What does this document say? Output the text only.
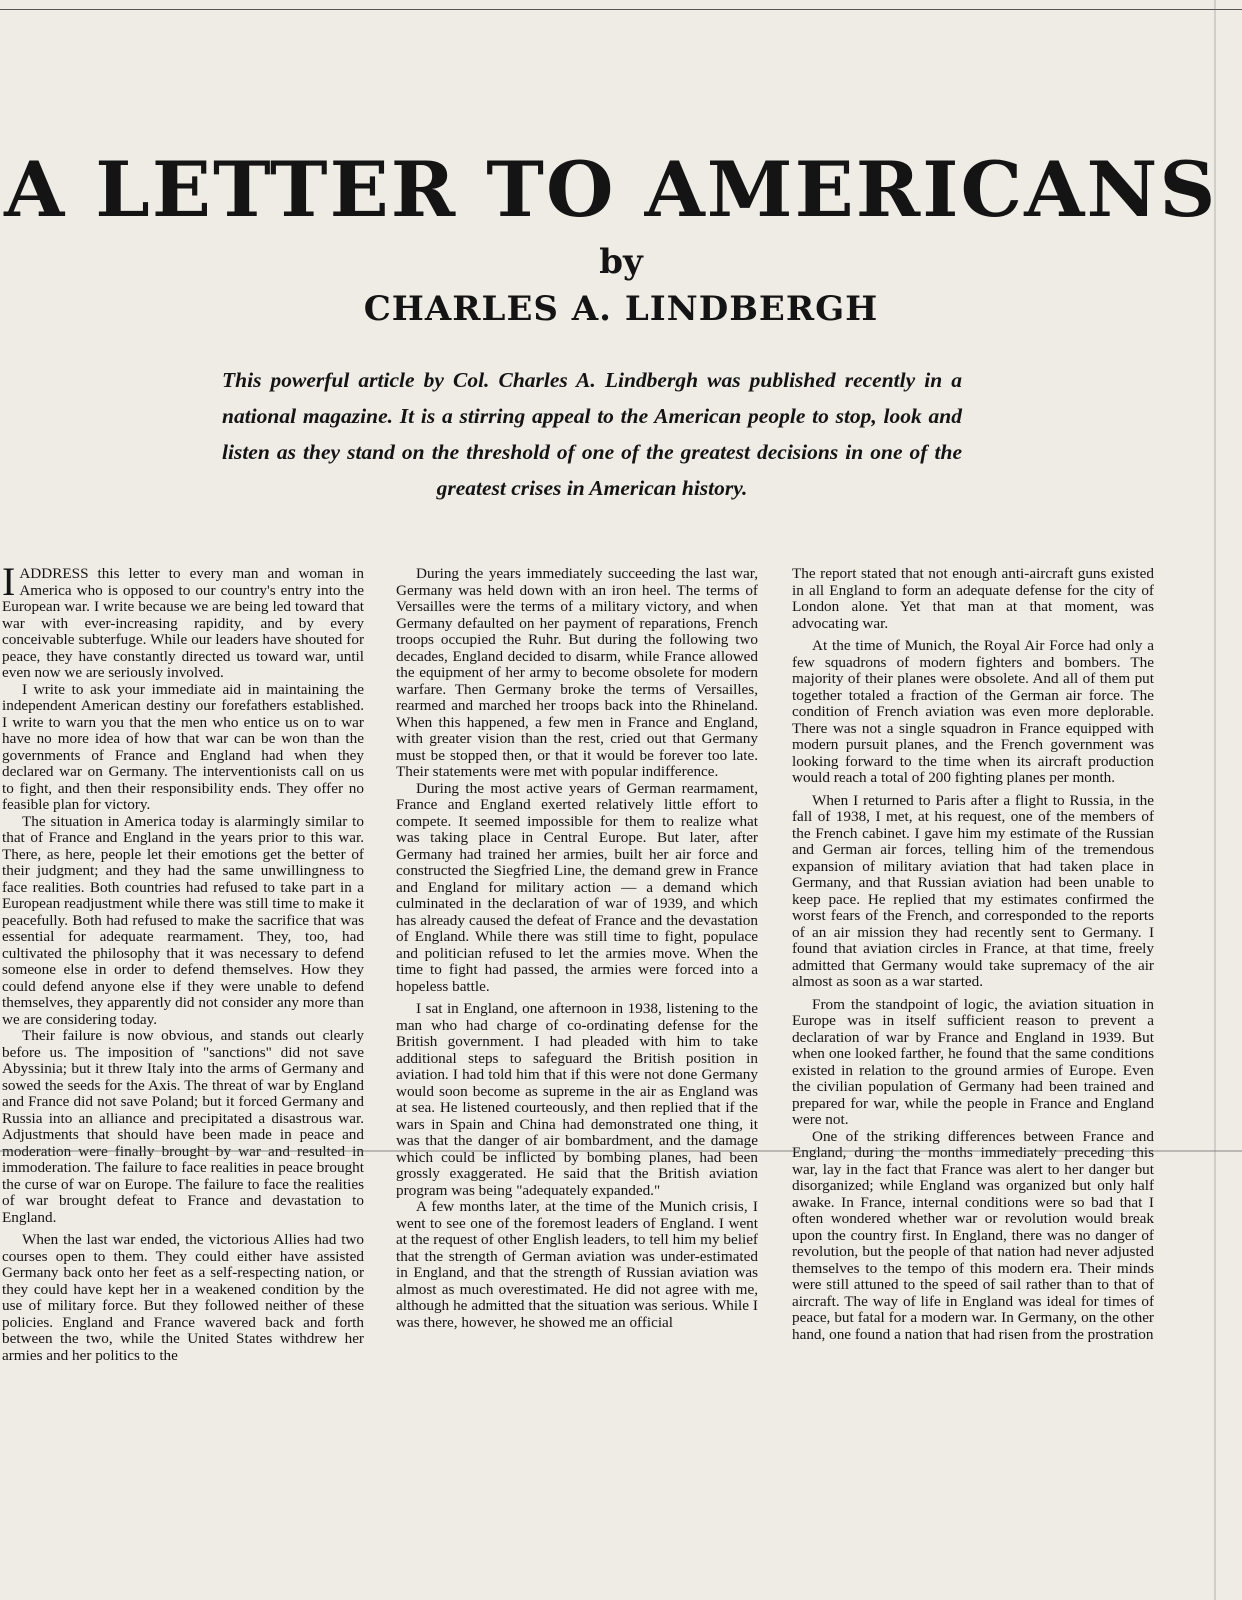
A LETTER TO AMERICANS
by
CHARLES A. LINDBERGH
This powerful article by Col. Charles A. Lindbergh was published recently in a national magazine. It is a stirring appeal to the American people to stop, look and listen as they stand on the threshold of one of the greatest decisions in one of the greatest crises in American history.

IADDRESS this letter to every man and woman in America who is opposed to our country's entry into the European war. I write because we are being led toward that war with ever-increasing rapidity, and by every conceivable subterfuge. While our leaders have shouted for peace, they have constantly directed us toward war, until even now we are seriously involved.

I write to ask your immediate aid in maintaining the independent American destiny our forefathers established. I write to warn you that the men who entice us on to war have no more idea of how that war can be won than the governments of France and England had when they declared war on Germany. The interventionists call on us to fight, and then their responsibility ends. They offer no feasible plan for victory.

The situation in America today is alarmingly similar to that of France and England in the years prior to this war. There, as here, people let their emotions get the better of their judgment; and they had the same unwillingness to face realities. Both countries had refused to take part in a European readjustment while there was still time to make it peacefully. Both had refused to make the sacrifice that was essential for adequate rearmament. They, too, had cultivated the philosophy that it was necessary to defend someone else in order to defend themselves. How they could defend anyone else if they were unable to defend themselves, they apparently did not consider any more than we are considering today.

Their failure is now obvious, and stands out clearly before us. The imposition of "sanctions" did not save Abyssinia; but it threw Italy into the arms of Germany and sowed the seeds for the Axis. The threat of war by England and France did not save Poland; but it forced Germany and Russia into an alliance and precipitated a disastrous war. Adjustments that should have been made in peace and moderation were finally brought by war and resulted in immoderation. The failure to face realities in peace brought the curse of war on Europe. The failure to face the realities of war brought defeat to France and devastation to England.

When the last war ended, the victorious Allies had two courses open to them. They could either have assisted Germany back onto her feet as a self-respecting nation, or they could have kept her in a weakened condition by the use of military force. But they followed neither of these policies. England and France wavered back and forth between the two, while the United States withdrew her armies and her politics to the

During the years immediately succeeding the last war, Germany was held down with an iron heel. The terms of Versailles were the terms of a military victory, and when Germany defaulted on her payment of reparations, French troops occupied the Ruhr. But during the following two decades, England decided to disarm, while France allowed the equipment of her army to become obsolete for modern warfare. Then Germany broke the terms of Versailles, rearmed and marched her troops back into the Rhineland. When this happened, a few men in France and England, with greater vision than the rest, cried out that Germany must be stopped then, or that it would be forever too late. Their statements were met with popular indifference.

During the most active years of German rearmament, France and England exerted relatively little effort to compete. It seemed impossible for them to realize what was taking place in Central Europe. But later, after Germany had trained her armies, built her air force and constructed the Siegfried Line, the demand grew in France and England for military action — a demand which culminated in the declaration of war of 1939, and which has already caused the defeat of France and the devastation of England. While there was still time to fight, populace and politician refused to let the armies move. When the time to fight had passed, the armies were forced into a hopeless battle.

I sat in England, one afternoon in 1938, listening to the man who had charge of co-ordinating defense for the British government. I had pleaded with him to take additional steps to safeguard the British position in aviation. I had told him that if this were not done Germany would soon become as supreme in the air as England was at sea. He listened courteously, and then replied that if the wars in Spain and China had demonstrated one thing, it was that the danger of air bombardment, and the damage which could be inflicted by bombing planes, had been grossly exaggerated. He said that the British aviation program was being "adequately expanded."

A few months later, at the time of the Munich crisis, I went to see one of the foremost leaders of England. I went at the request of other English leaders, to tell him my belief that the strength of German aviation was under-estimated in England, and that the strength of Russian aviation was almost as much overestimated. He did not agree with me, although he admitted that the situation was serious. While I was there, however, he showed me an official

The report stated that not enough anti-aircraft guns existed in all England to form an adequate defense for the city of London alone. Yet that man at that moment, was advocating war.

At the time of Munich, the Royal Air Force had only a few squadrons of modern fighters and bombers. The majority of their planes were obsolete. And all of them put together totaled a fraction of the German air force. The condition of French aviation was even more deplorable. There was not a single squadron in France equipped with modern pursuit planes, and the French government was looking forward to the time when its aircraft production would reach a total of 200 fighting planes per month.

When I returned to Paris after a flight to Russia, in the fall of 1938, I met, at his request, one of the members of the French cabinet. I gave him my estimate of the Russian and German air forces, telling him of the tremendous expansion of military aviation that had taken place in Germany, and that Russian aviation had been unable to keep pace. He replied that my estimates confirmed the worst fears of the French, and corresponded to the reports of an air mission they had recently sent to Germany. I found that aviation circles in France, at that time, freely admitted that Germany would take supremacy of the air almost as soon as a war started.

From the standpoint of logic, the aviation situation in Europe was in itself sufficient reason to prevent a declaration of war by France and England in 1939. But when one looked farther, he found that the same conditions existed in relation to the ground armies of Europe. Even the civilian population of Germany had been trained and prepared for war, while the people in France and England were not.

One of the striking differences between France and England, during the months immediately preceding this war, lay in the fact that France was alert to her danger but disorganized; while England was organized but only half awake. In France, internal conditions were so bad that I often wondered whether war or revolution would break upon the country first. In England, there was no danger of revolution, but the people of that nation had never adjusted themselves to the tempo of this modern era. Their minds were still attuned to the speed of sail rather than to that of aircraft. The way of life in England was ideal for times of peace, but fatal for a modern war. In Germany, on the other hand, one found a nation that had risen from the prostration
